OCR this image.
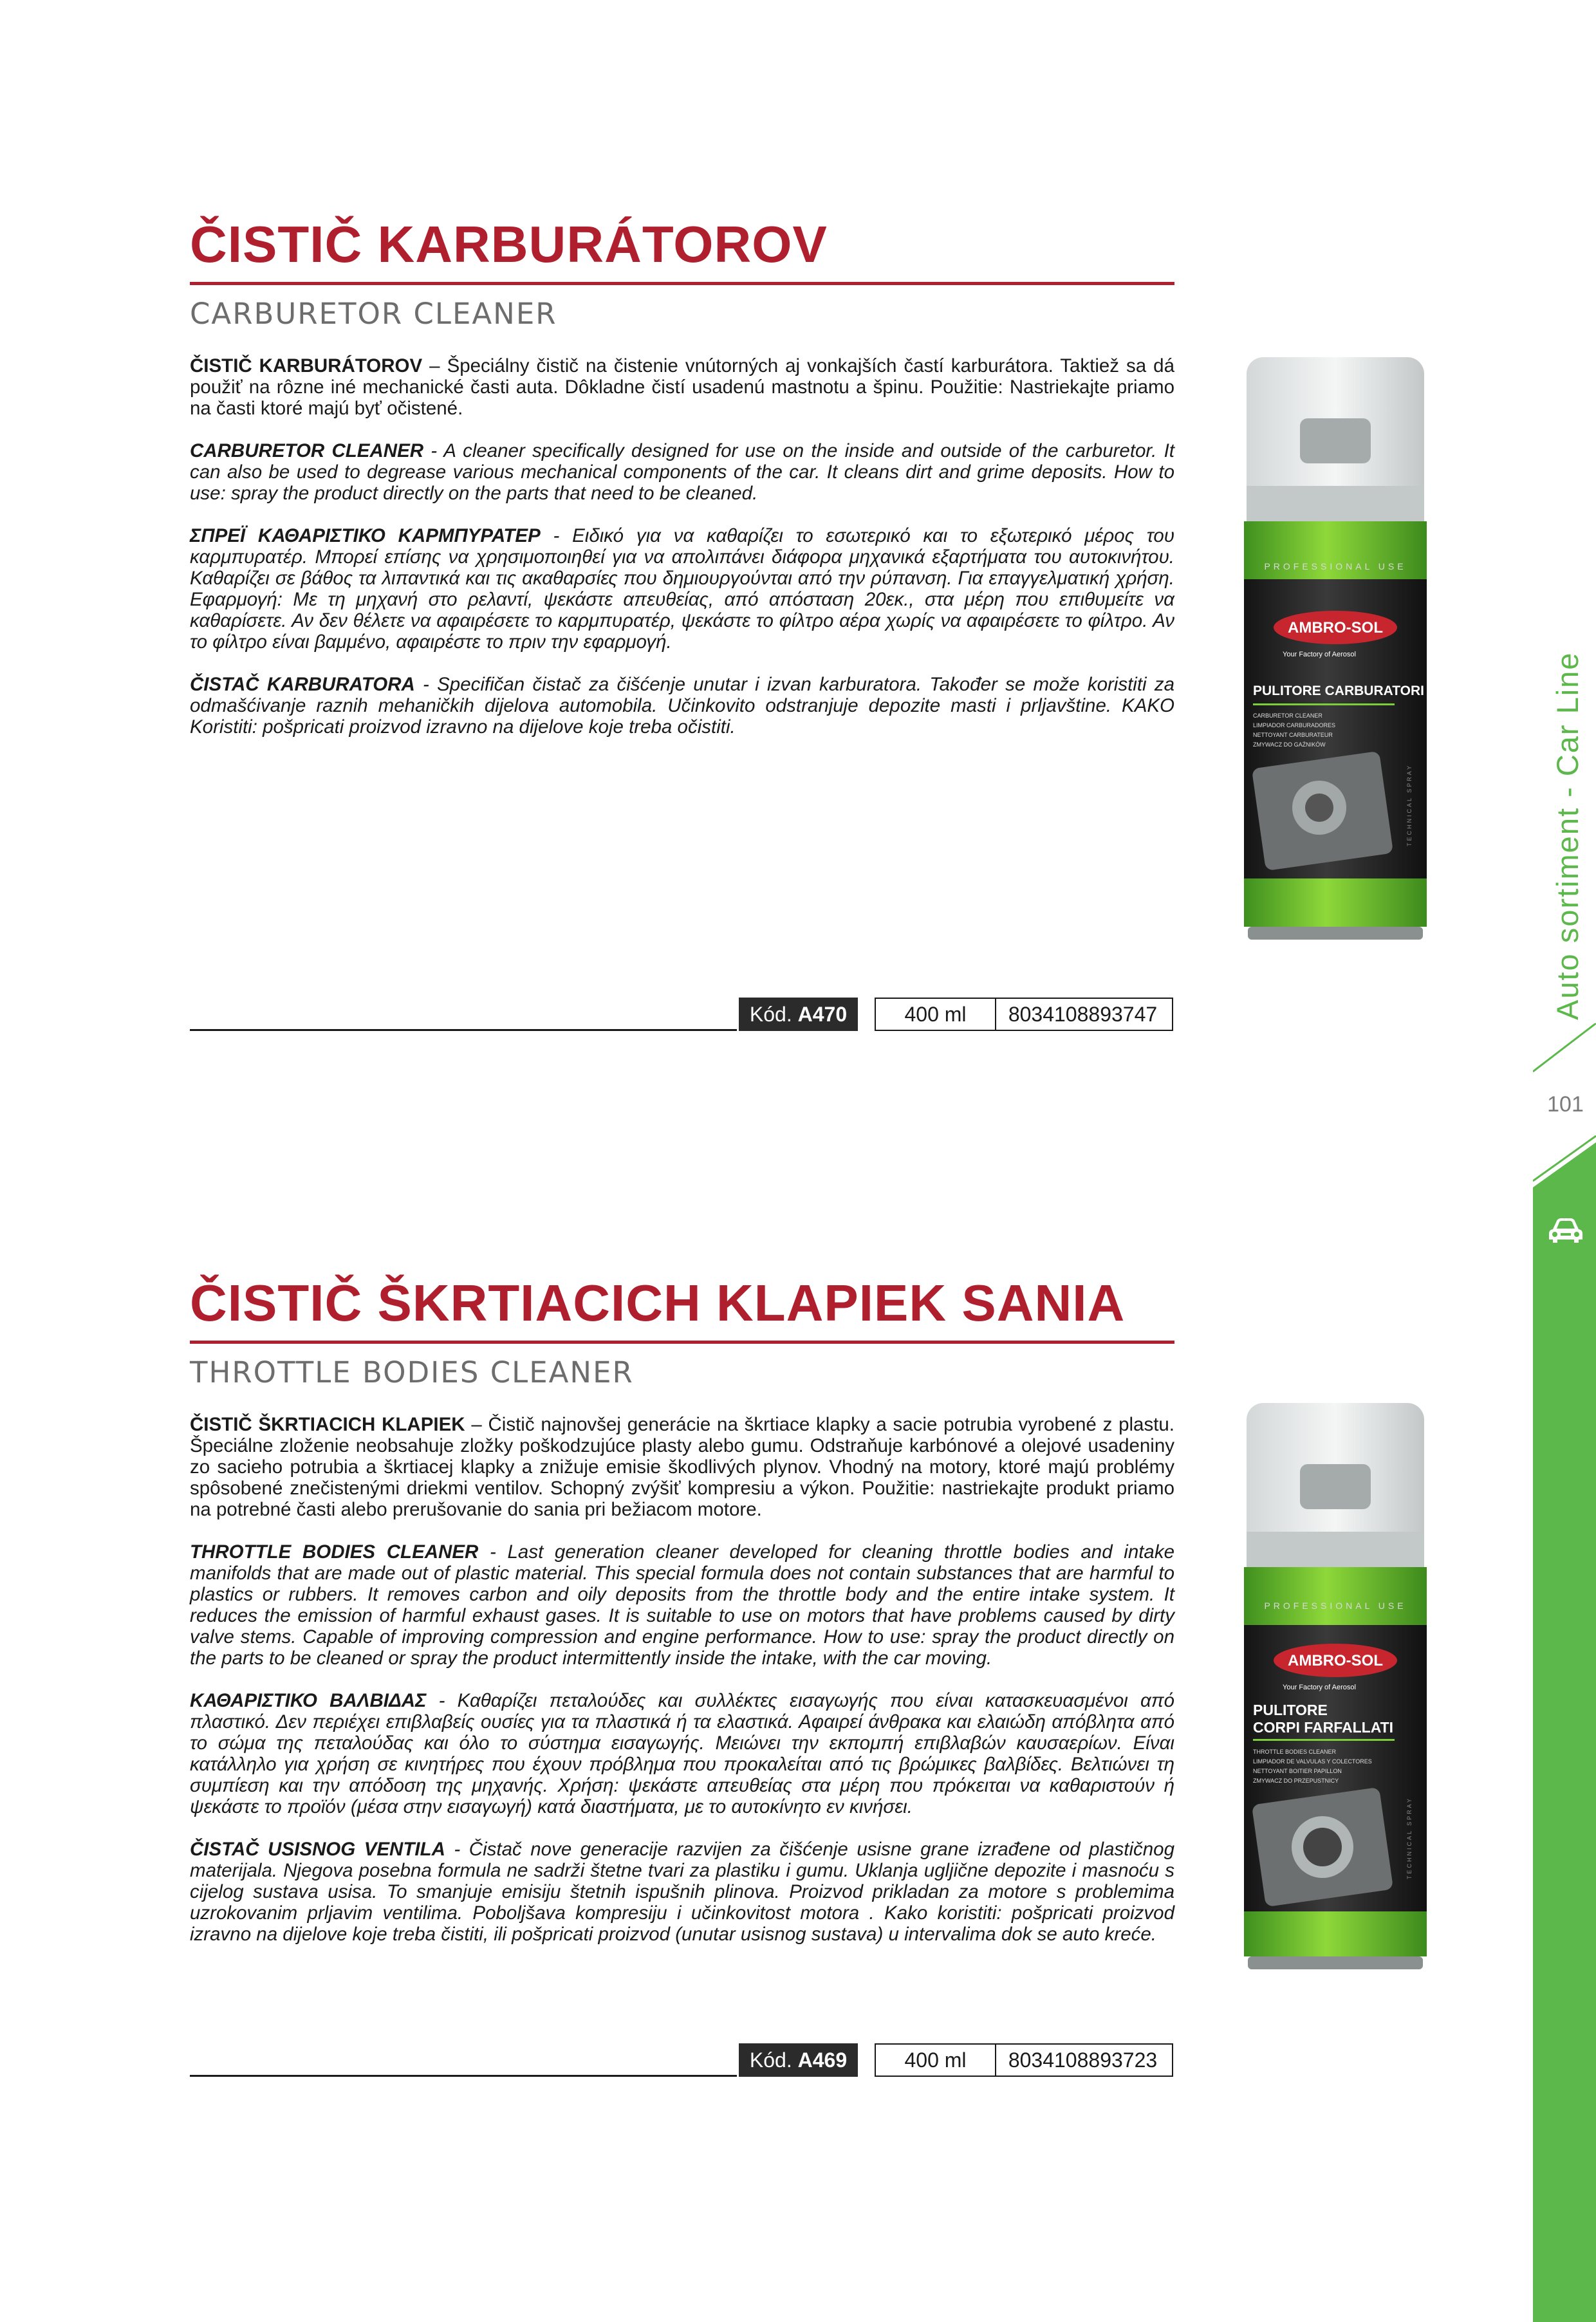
ČISTIČ KARBURÁTOROV
CARBURETOR CLEANER

ČISTIČ KARBURÁTOROV – Špeciálny čistič na čistenie vnútorných aj vonkajších častí karburátora. Taktiež sa dá použiť na rôzne iné mechanické časti auta. Dôkladne čistí usadenú mastnotu a špinu. Použitie: Nastriekajte priamo na časti ktoré majú byť očistené.

CARBURETOR CLEANER - A cleaner specifically designed for use on the inside and outside of the carburetor. It can also be used to degrease various mechanical components of the car. It cleans dirt and grime deposits. How to use: spray the product directly on the parts that need to be cleaned.

ΣΠΡΕΪ ΚΑΘΑΡΙΣΤΙΚΟ ΚΑΡΜΠΥΡΑΤΕΡ - Ειδικό για να καθαρίζει το εσωτερικό και το εξωτερικό μέρος του καρμπυρατέρ. Μπορεί επίσης να χρησιμοποιηθεί για να απολιπάνει διάφορα μηχανικά εξαρτήματα του αυτοκινήτου. Καθαρίζει σε βάθος τα λιπαντικά και τις ακαθαρσίες που δημιουργούνται από την ρύπανση. Για επαγγελματική χρήση. Εφαρμογή: Με τη μηχανή στο ρελαντί, ψεκάστε απευθείας, από απόσταση 20εκ., στα μέρη που επιθυμείτε να καθαρίσετε. Αν δεν θέλετε να αφαιρέσετε το καρμπυρατέρ, ψεκάστε το φίλτρο αέρα χωρίς να αφαιρέσετε το φίλτρο. Αν το φίλτρο είναι βαμμένο, αφαιρέστε το πριν την εφαρμογή.

ČISTAČ KARBURATORA - Specifičan čistač za čišćenje unutar i izvan karburatora. Također se može koristiti za odmašćivanje raznih mehaničkih dijelova automobila. Učinkovito odstranjuje depozite masti i prljavštine. KAKO Koristiti: pošpricati proizvod izravno na dijelove koje treba očistiti.

Kód. A470	400 ml	8034108893747
PROFESSIONAL USE
AMBRO-SOL
Your Factory of Aerosol
PULITORE CARBURATORI
CARBURETOR CLEANER
LIMPIADOR CARBURADORES
NETTOYANT CARBURATEUR
ZMYWACZ DO GAŹNIKÓW
TECHNICAL SPRAY
ČISTIČ ŠKRTIACICH KLAPIEK SANIA
THROTTLE BODIES CLEANER

ČISTIČ ŠKRTIACICH KLAPIEK – Čistič najnovšej generácie na škrtiace klapky a sacie potrubia vyrobené z plastu. Špeciálne zloženie neobsahuje zložky poškodzujúce plasty alebo gumu. Odstraňuje karbónové a olejové usadeniny zo sacieho potrubia a škrtiacej klapky a znižuje emisie škodlivých plynov. Vhodný na motory, ktoré majú problémy spôsobené znečistenými driekmi ventilov. Schopný zvýšiť kompresiu a výkon. Použitie: nastriekajte produkt priamo na potrebné časti alebo prerušovanie do sania pri bežiacom motore.

THROTTLE BODIES CLEANER - Last generation cleaner developed for cleaning throttle bodies and intake manifolds that are made out of plastic material. This special formula does not contain substances that are harmful to plastics or rubbers. It removes carbon and oily deposits from the throttle body and the entire intake system. It reduces the emission of harmful exhaust gases. It is suitable to use on motors that have problems caused by dirty valve stems. Capable of improving compression and engine performance. How to use: spray the product directly on the parts to be cleaned or spray the product intermittently inside the intake, with the car moving.

ΚΑΘΑΡΙΣΤΙΚΟ ΒΑΛΒΙΔΑΣ - Καθαρίζει πεταλούδες και συλλέκτες εισαγωγής που είναι κατασκευασμένοι από πλαστικό. Δεν περιέχει επιβλαβείς ουσίες για τα πλαστικά ή τα ελαστικά. Αφαιρεί άνθρακα και ελαιώδη απόβλητα από το σώμα της πεταλούδας και όλο το σύστημα εισαγωγής. Μειώνει την εκπομπή επιβλαβών καυσαερίων. Είναι κατάλληλο για χρήση σε κινητήρες που έχουν πρόβλημα που προκαλείται από τις βρώμικες βαλβίδες. Βελτιώνει τη συμπίεση και την απόδοση της μηχανής. Χρήση: ψεκάστε απευθείας στα μέρη που πρόκειται να καθαριστούν ή ψεκάστε το προϊόν (μέσα στην εισαγωγή) κατά διαστήματα, με το αυτοκίνητο εν κινήσει.

ČISTAČ USISNOG VENTILA - Čistač nove generacije razvijen za čišćenje usisne grane izrađene od plastičnog materijala. Njegova posebna formula ne sadrži štetne tvari za plastiku i gumu. Uklanja ugljične depozite i masnoću s cijelog sustava usisa. To smanjuje emisiju štetnih ispušnih plinova. Proizvod prikladan za motore s problemima uzrokovanim prljavim ventilima. Poboljšava kompresiju i učinkovitost motora . Kako koristiti: pošpricati proizvod izravno na dijelove koje treba čistiti, ili pošpricati proizvod (unutar usisnog sustava) u intervalima dok se auto kreće.

Kód. A469	400 ml	8034108893723
PROFESSIONAL USE
AMBRO-SOL
Your Factory of Aerosol
PULITORE
CORPI FARFALLATI
THROTTLE BODIES CLEANER
LIMPIADOR DE VALVULAS Y COLECTORES
NETTOYANT BOITIER PAPILLON
ZMYWACZ DO PRZEPUSTNICY
TECHNICAL SPRAY
Auto sortiment - Car Line
101
